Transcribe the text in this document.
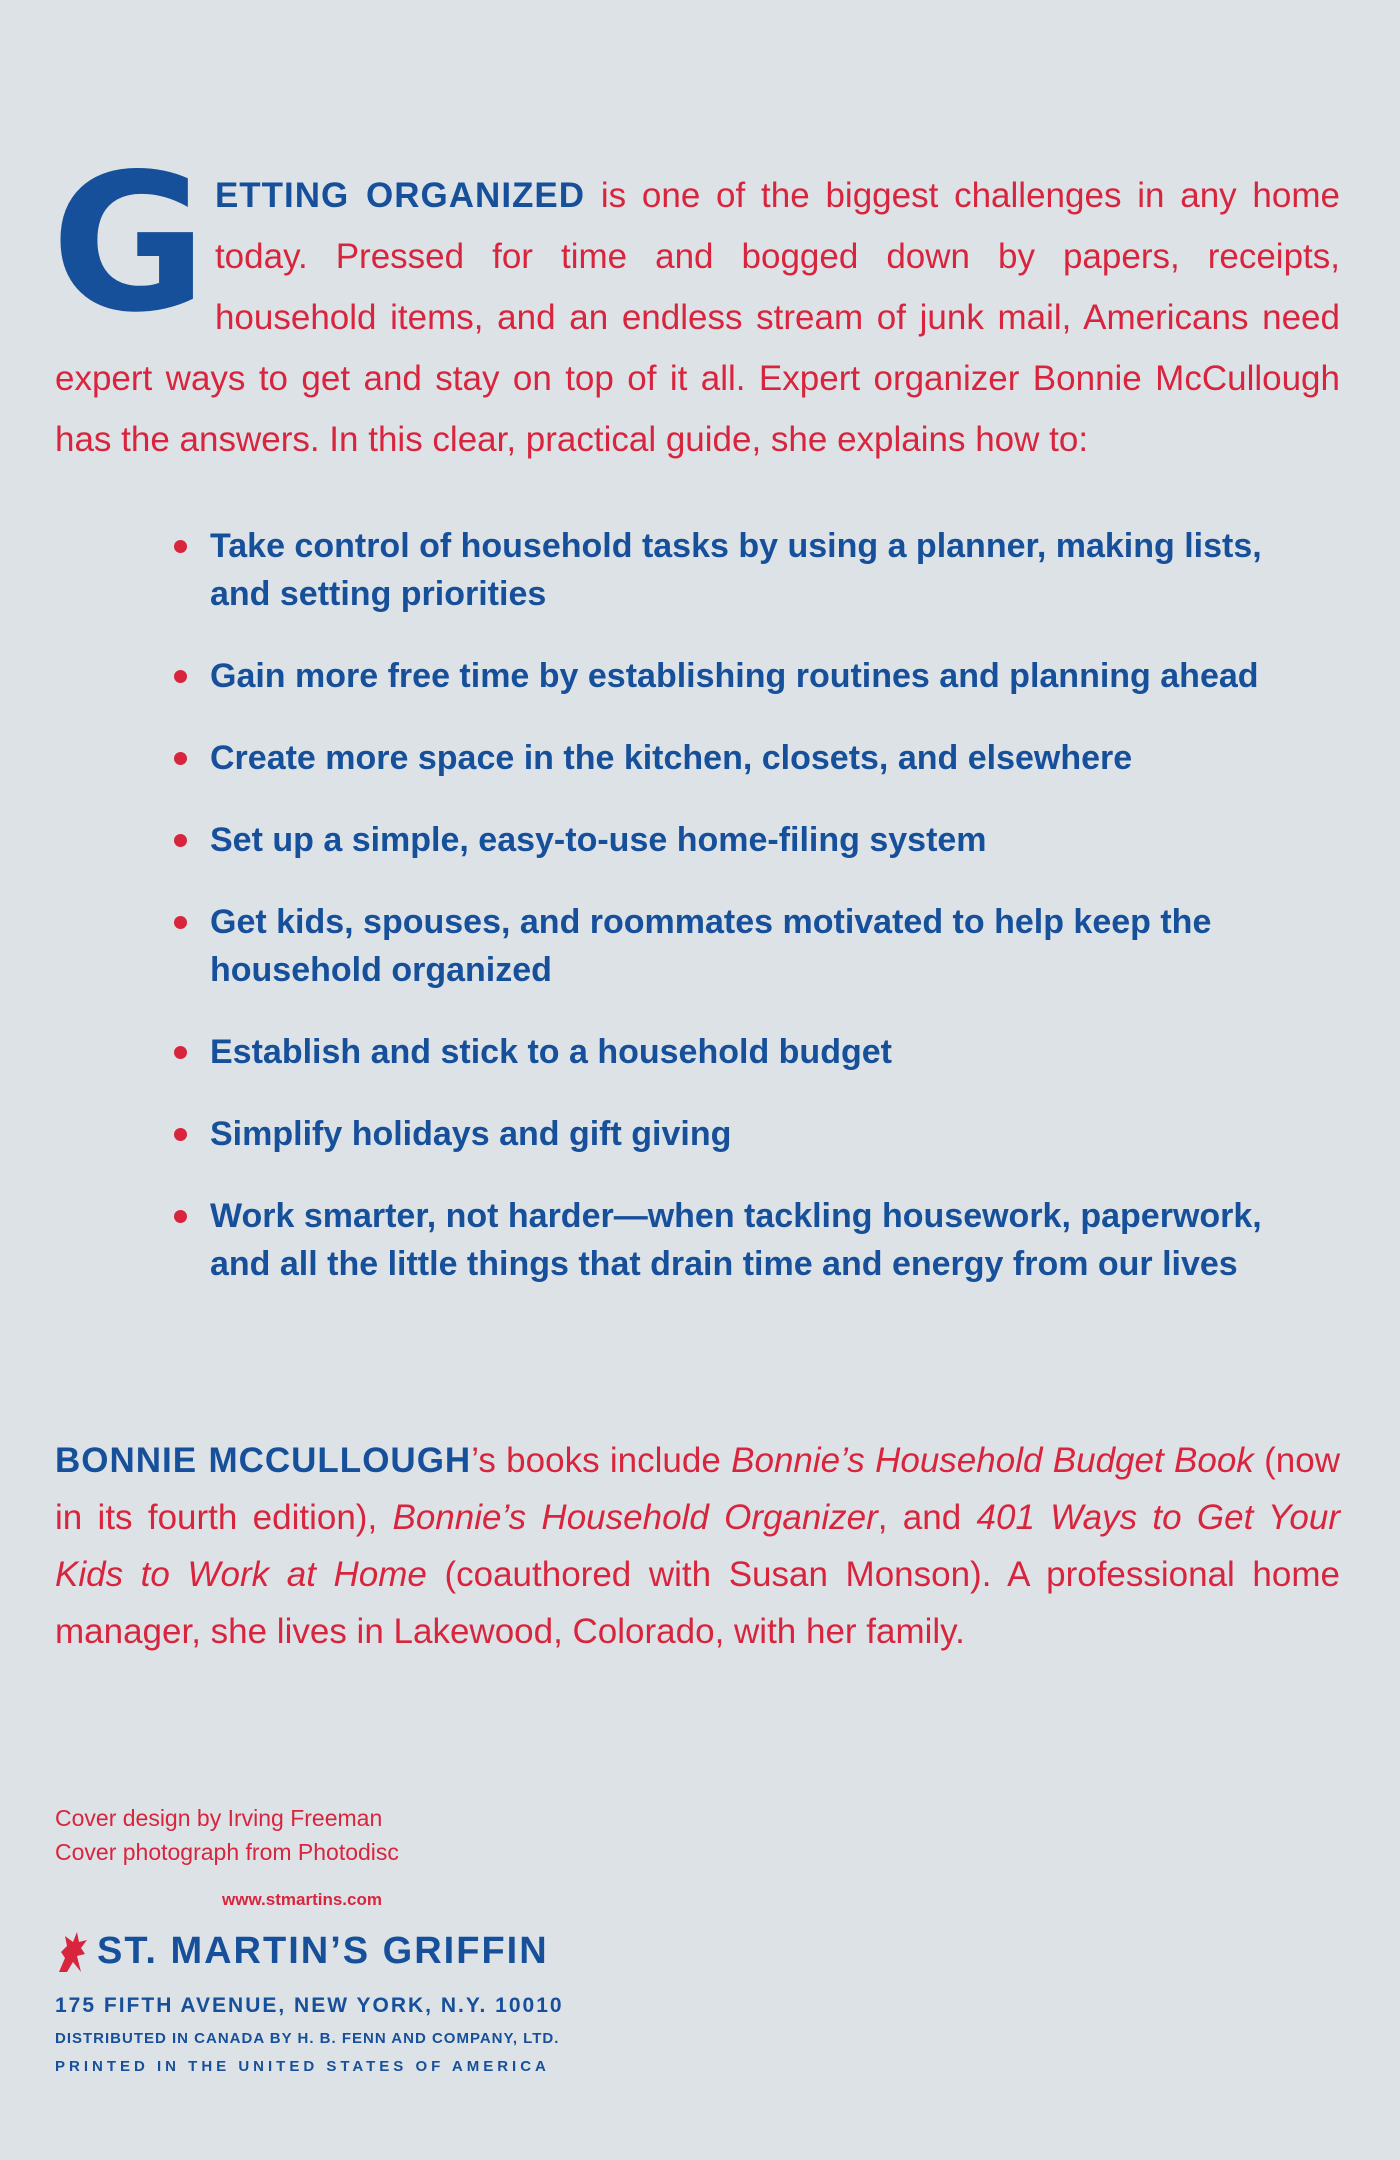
GETTING ORGANIZED is one of the biggest challenges in any home today. Pressed for time and bogged down by papers, receipts, household items, and an endless stream of junk mail, Americans need expert ways to get and stay on top of it all. Expert organizer Bonnie McCullough has the answers. In this clear, practical guide, she explains how to:
Take control of household tasks by using a planner, making lists, and setting priorities
Gain more free time by establishing routines and planning ahead
Create more space in the kitchen, closets, and elsewhere
Set up a simple, easy-to-use home-filing system
Get kids, spouses, and roommates motivated to help keep the household organized
Establish and stick to a household budget
Simplify holidays and gift giving
Work smarter, not harder—when tackling housework, paperwork, and all the little things that drain time and energy from our lives
BONNIE MCCULLOUGH’s books include Bonnie’s Household Budget Book (now in its fourth edition), Bonnie’s Household Organizer, and 401 Ways to Get Your Kids to Work at Home (coauthored with Susan Monson). A professional home manager, she lives in Lakewood, Colorado, with her family.
Cover design by Irving Freeman
Cover photograph from Photodisc
www.stmartins.com
ST. MARTIN’S GRIFFIN
175 FIFTH AVENUE, NEW YORK, N.Y. 10010
DISTRIBUTED IN CANADA BY H. B. FENN AND COMPANY, LTD.
PRINTED IN THE UNITED STATES OF AMERICA
